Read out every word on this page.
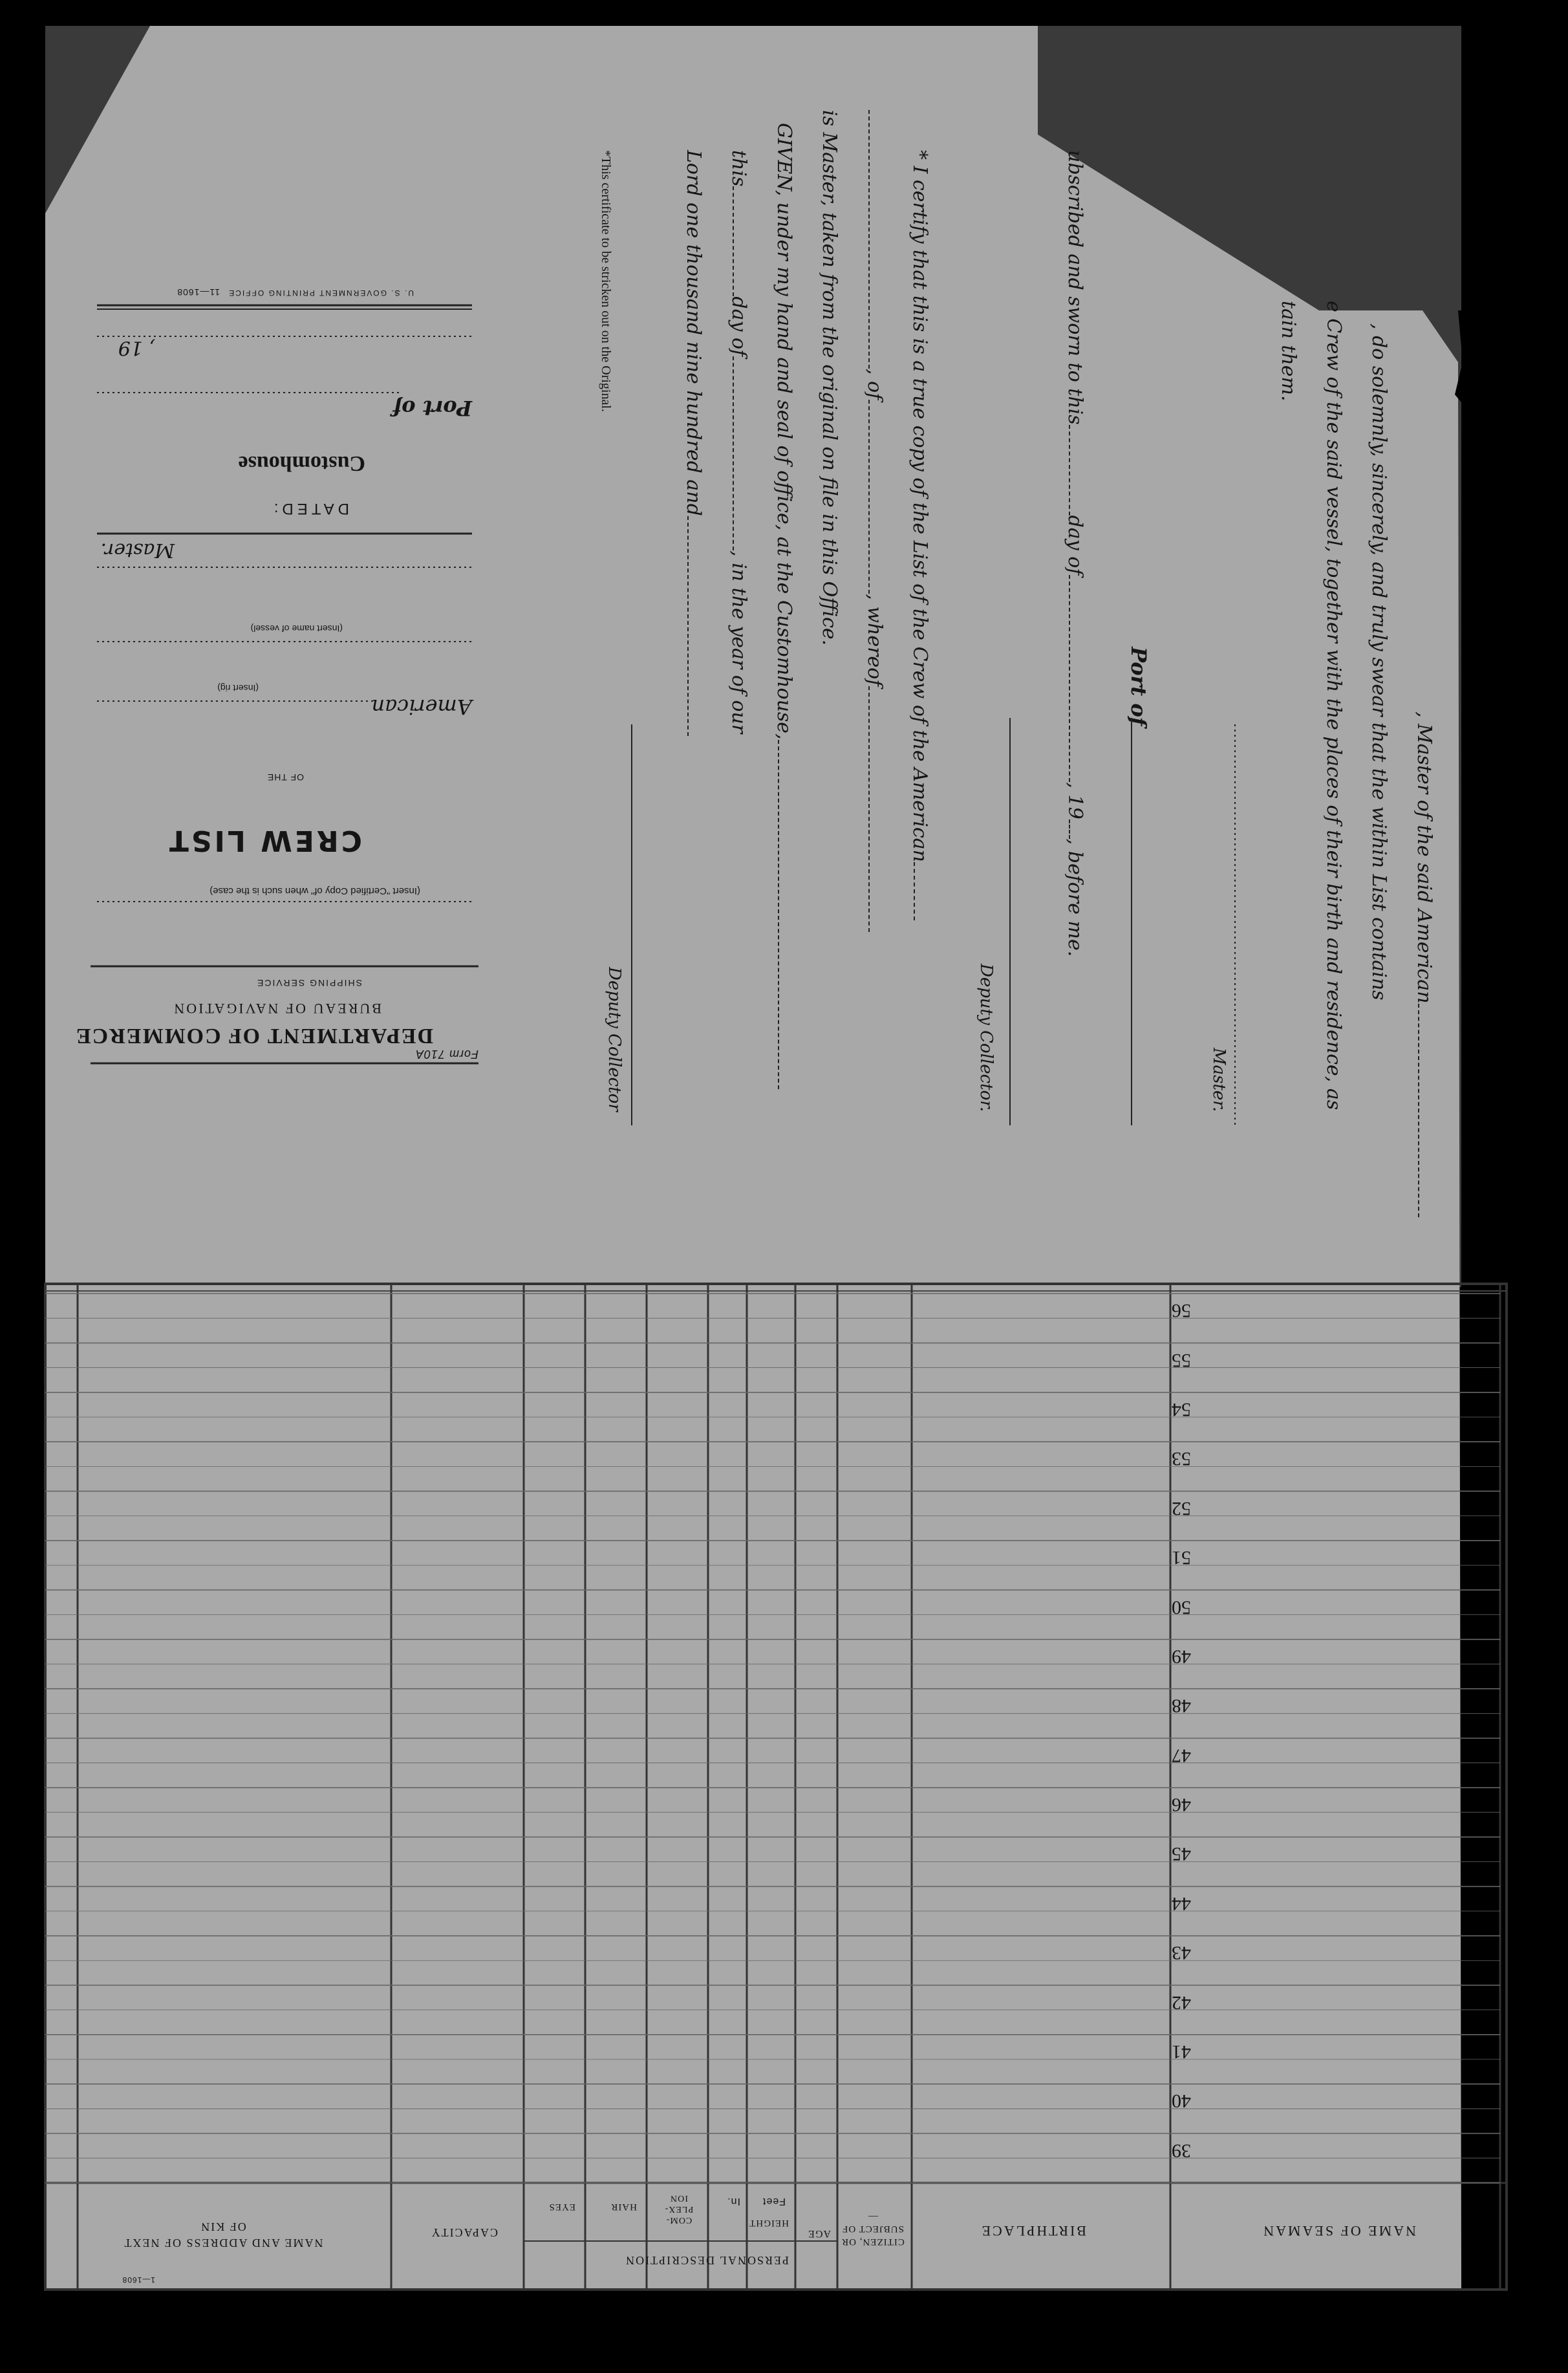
Form 710A
DEPARTMENT OF COMMERCE
BUREAU OF NAVIGATION
SHIPPING SERVICE
(Insert "Certified Copy of" when such is the case)
CREW LIST
OF THE
American
(Insert rig)
(Insert name of vessel)
Master.
DATED:
Customhouse
Port of
, 19
U. S. GOVERNMENT PRINTING OFFICE
11—1608
, Master of the said American
, do solemnly, sincerely, and truly swear that the within List contains
e Crew of the said vessel, together with the places of their birth and residence, as
tain them.
Master.
Port of
ubscribed and sworn to thisday of, 19, before me.
Deputy Collector.
* I certify that this is a true copy of the List of the Crew of the American
, of, whereof
is Master, taken from the original on file in this Office.
GIVEN, under my hand and seal of office, at the Customhouse,
thisday of, in the year of our
Lord one thousand nine hundred and
Deputy Collector
*This certificate to be stricken out on the Original.
NAME OF SEAMAN
BIRTHPLACE
CITIZEN, OR SUBJECT OF—
AGE
PERSONAL DESCRIPTION
HEIGHT
Feet
In.
COM- PLEX- ION
HAIR
EYES
CAPACITY
NAME AND ADDRESS OF NEXT OF KIN
1—1608
39
40
41
42
43
44
45
46
47
48
49
50
51
52
53
54
55
56
